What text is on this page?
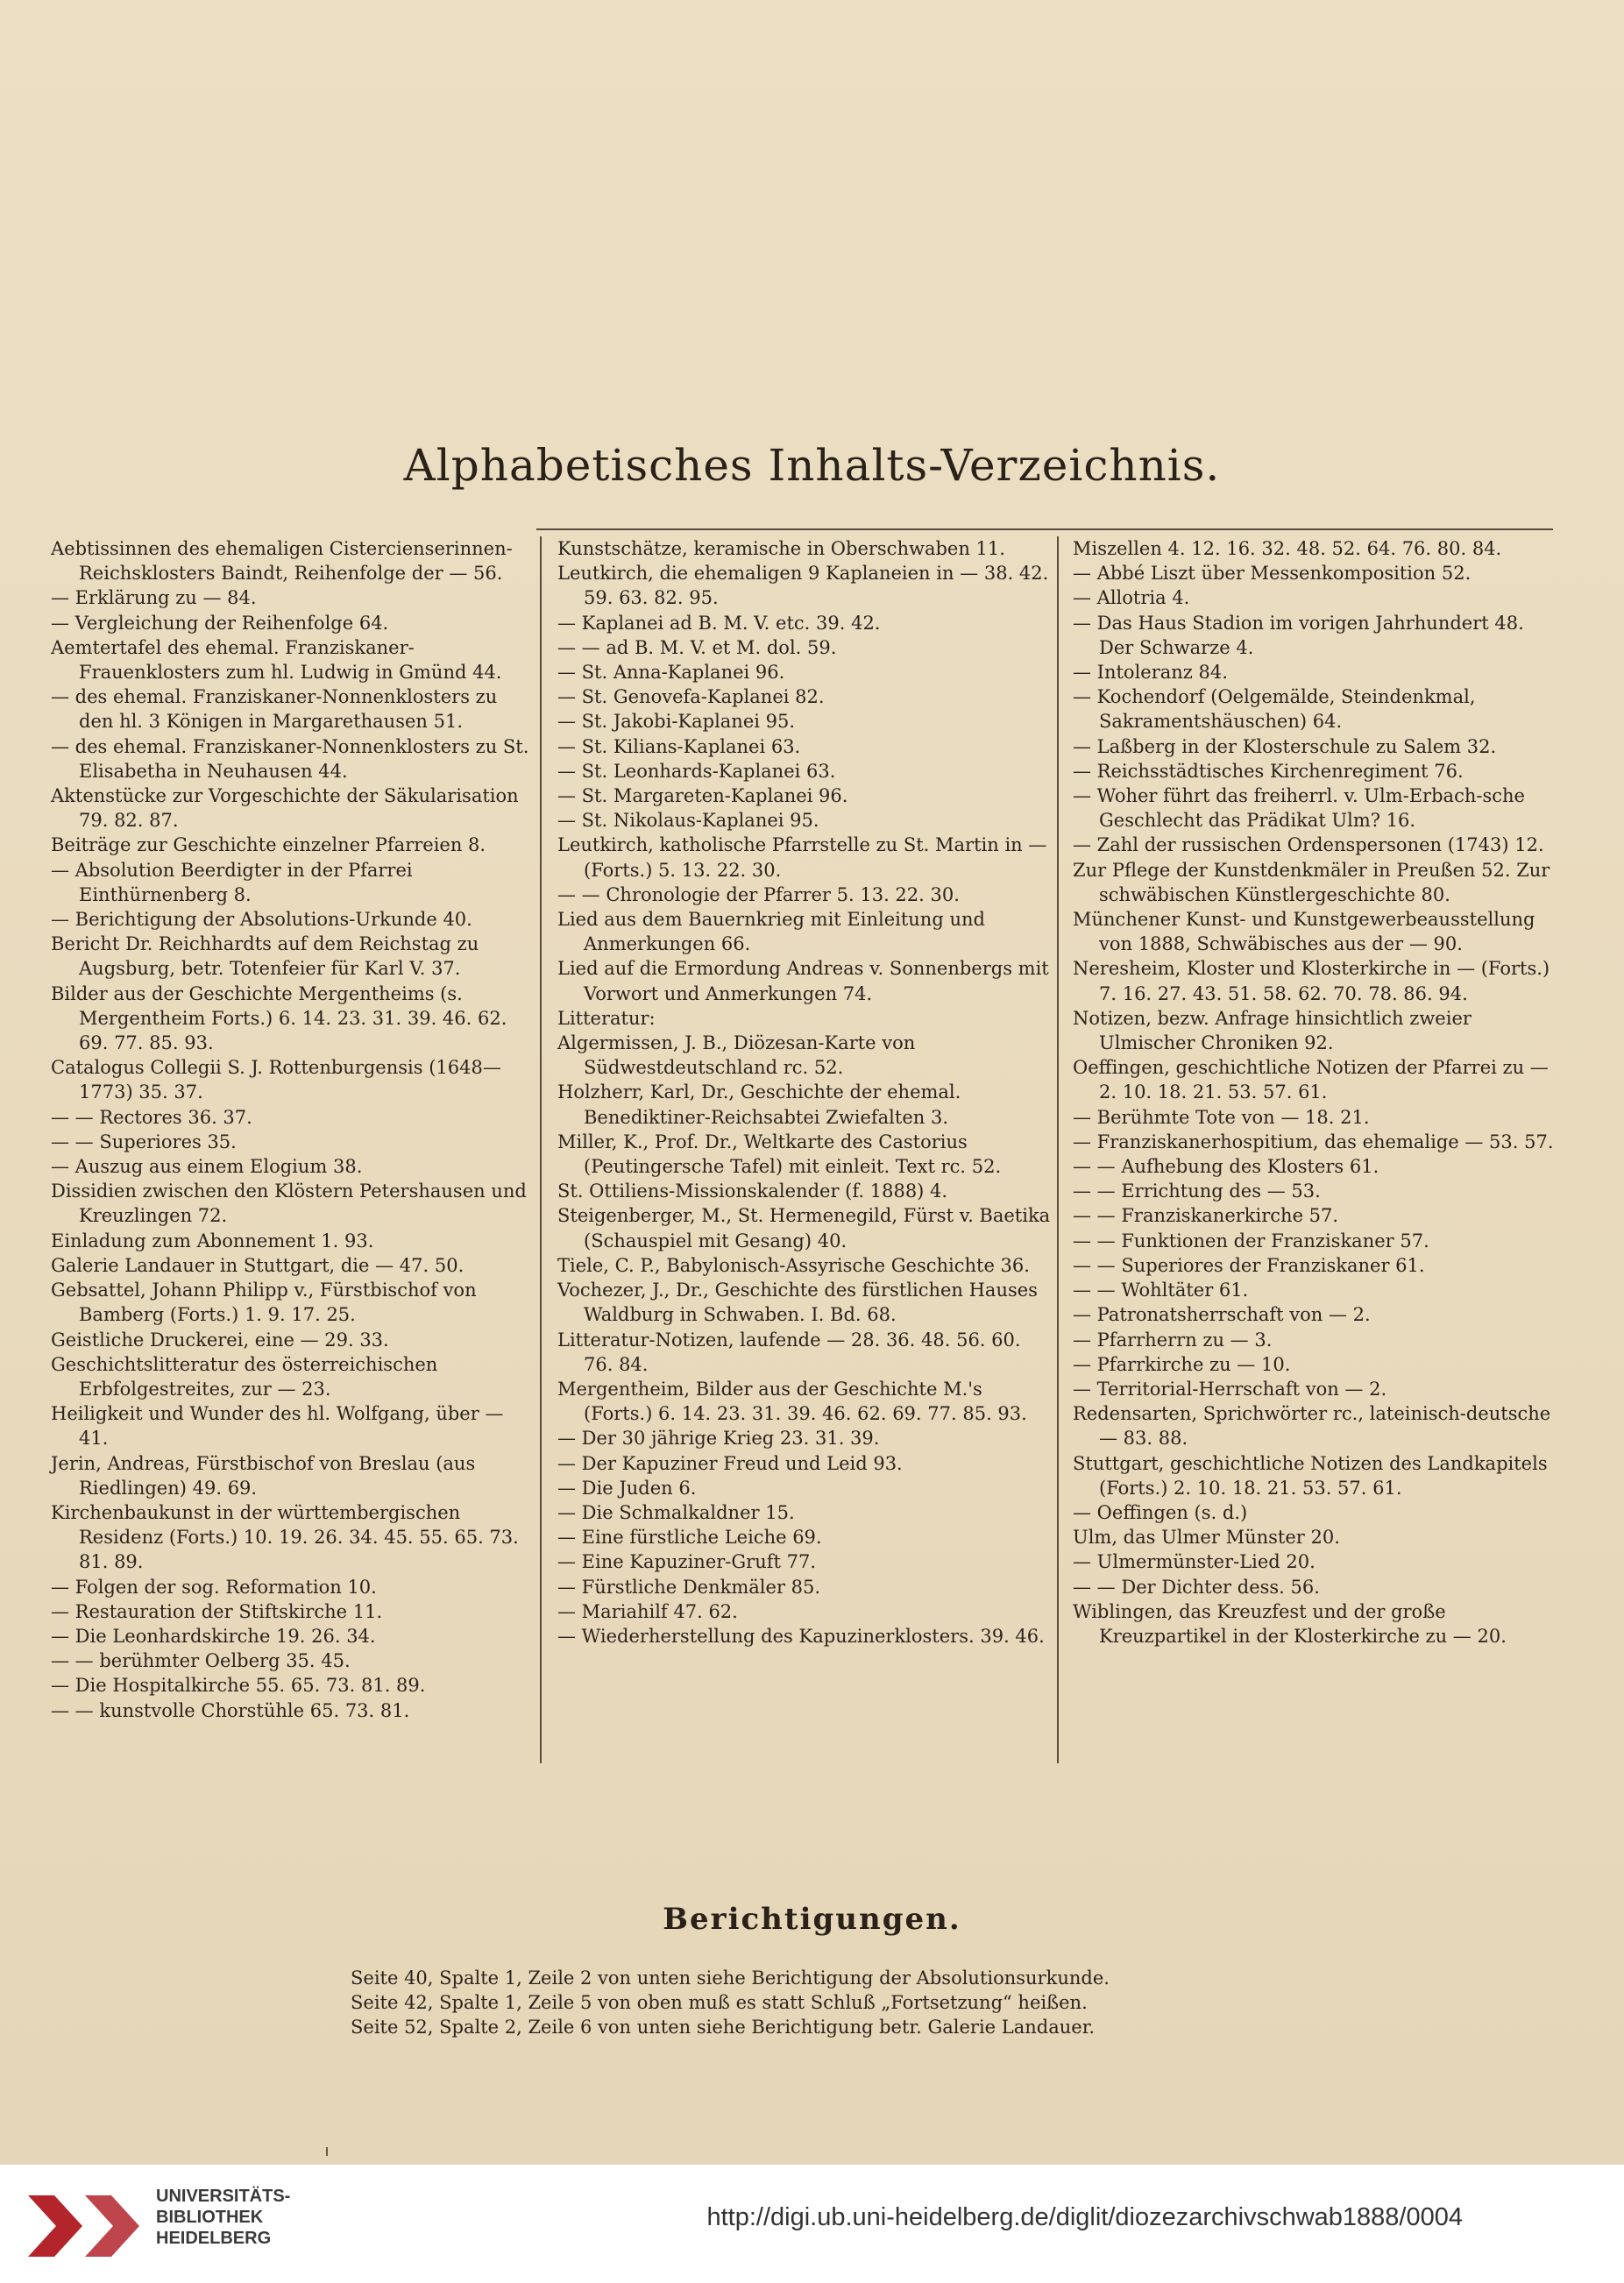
Alphabetisches Inhalts-Verzeichnis.
Aebtissinnen des ehemaligen Cistercienserinnen-Reichsklosters Baindt, Reihenfolge der — 56.
— Erklärung zu — 84.
— Vergleichung der Reihenfolge 64.
Aemtertafel des ehemal. Franziskaner-Frauenklosters zum hl. Ludwig in Gmünd 44.
— des ehemal. Franziskaner-Nonnenklosters zu den hl. 3 Königen in Margarethausen 51.
— des ehemal. Franziskaner-Nonnenklosters zu St. Elisabetha in Neuhausen 44.
Aktenstücke zur Vorgeschichte der Säkularisation 79. 82. 87.
Beiträge zur Geschichte einzelner Pfarreien 8.
— Absolution Beerdigter in der Pfarrei Einthürnenberg 8.
— Berichtigung der Absolutions-Urkunde 40.
Bericht Dr. Reichhardts auf dem Reichstag zu Augsburg, betr. Totenfeier für Karl V. 37.
Bilder aus der Geschichte Mergentheims (s. Mergentheim Forts.) 6. 14. 23. 31. 39. 46. 62. 69. 77. 85. 93.
Catalogus Collegii S. J. Rottenburgensis (1648—1773) 35. 37.
— — Rectores 36. 37.
— — Superiores 35.
— Auszug aus einem Elogium 38.
Dissidien zwischen den Klöstern Petershausen und Kreuzlingen 72.
Einladung zum Abonnement 1. 93.
Galerie Landauer in Stuttgart, die — 47. 50.
Gebsattel, Johann Philipp v., Fürstbischof von Bamberg (Forts.) 1. 9. 17. 25.
Geistliche Druckerei, eine — 29. 33.
Geschichtslitteratur des österreichischen Erbfolgestreites, zur — 23.
Heiligkeit und Wunder des hl. Wolfgang, über — 41.
Jerin, Andreas, Fürstbischof von Breslau (aus Riedlingen) 49. 69.
Kirchenbaukunst in der württembergischen Residenz (Forts.) 10. 19. 26. 34. 45. 55. 65. 73. 81. 89.
— Folgen der sog. Reformation 10.
— Restauration der Stiftskirche 11.
— Die Leonhardskirche 19. 26. 34.
— — berühmter Oelberg 35. 45.
— Die Hospitalkirche 55. 65. 73. 81. 89.
— — kunstvolle Chorstühle 65. 73. 81.
Kunstschätze, keramische in Oberschwaben 11.
Leutkirch, die ehemaligen 9 Kaplaneien in — 38. 42. 59. 63. 82. 95.
— Kaplanei ad B. M. V. etc. 39. 42.
— — ad B. M. V. et M. dol. 59.
— St. Anna-Kaplanei 96.
— St. Genovefa-Kaplanei 82.
— St. Jakobi-Kaplanei 95.
— St. Kilians-Kaplanei 63.
— St. Leonhards-Kaplanei 63.
— St. Margareten-Kaplanei 96.
— St. Nikolaus-Kaplanei 95.
Leutkirch, katholische Pfarrstelle zu St. Martin in — (Forts.) 5. 13. 22. 30.
— — Chronologie der Pfarrer 5. 13. 22. 30.
Lied aus dem Bauernkrieg mit Einleitung und Anmerkungen 66.
Lied auf die Ermordung Andreas v. Sonnenbergs mit Vorwort und Anmerkungen 74.
Litteratur:
Algermissen, J. B., Diözesan-Karte von Südwestdeutschland rc. 52.
Holzherr, Karl, Dr., Geschichte der ehemal. Benediktiner-Reichsabtei Zwiefalten 3.
Miller, K., Prof. Dr., Weltkarte des Castorius (Peutingersche Tafel) mit einleit. Text rc. 52.
St. Ottiliens-Missionskalender (f. 1888) 4.
Steigenberger, M., St. Hermenegild, Fürst v. Baetika (Schauspiel mit Gesang) 40.
Tiele, C. P., Babylonisch-Assyrische Geschichte 36.
Vochezer, J., Dr., Geschichte des fürstlichen Hauses Waldburg in Schwaben. I. Bd. 68.
Litteratur-Notizen, laufende — 28. 36. 48. 56. 60. 76. 84.
Mergentheim, Bilder aus der Geschichte M.'s (Forts.) 6. 14. 23. 31. 39. 46. 62. 69. 77. 85. 93.
— Der 30 jährige Krieg 23. 31. 39.
— Der Kapuziner Freud und Leid 93.
— Die Juden 6.
— Die Schmalkaldner 15.
— Eine fürstliche Leiche 69.
— Eine Kapuziner-Gruft 77.
— Fürstliche Denkmäler 85.
— Mariahilf 47. 62.
— Wiederherstellung des Kapuzinerklosters. 39. 46.
Miszellen 4. 12. 16. 32. 48. 52. 64. 76. 80. 84.
— Abbé Liszt über Messenkomposition 52.
— Allotria 4.
— Das Haus Stadion im vorigen Jahrhundert 48. Der Schwarze 4.
— Intoleranz 84.
— Kochendorf (Oelgemälde, Steindenkmal, Sakramentshäuschen) 64.
— Laßberg in der Klosterschule zu Salem 32.
— Reichsstädtisches Kirchenregiment 76.
— Woher führt das freiherrl. v. Ulm-Erbach-sche Geschlecht das Prädikat Ulm? 16.
— Zahl der russischen Ordenspersonen (1743) 12.
Zur Pflege der Kunstdenkmäler in Preußen 52. Zur schwäbischen Künstlergeschichte 80.
Münchener Kunst- und Kunstgewerbeausstellung von 1888, Schwäbisches aus der — 90.
Neresheim, Kloster und Klosterkirche in — (Forts.) 7. 16. 27. 43. 51. 58. 62. 70. 78. 86. 94.
Notizen, bezw. Anfrage hinsichtlich zweier Ulmischer Chroniken 92.
Oeffingen, geschichtliche Notizen der Pfarrei zu — 2. 10. 18. 21. 53. 57. 61.
— Berühmte Tote von — 18. 21.
— Franziskanerhospitium, das ehemalige — 53. 57.
— — Aufhebung des Klosters 61.
— — Errichtung des — 53.
— — Franziskanerkirche 57.
— — Funktionen der Franziskaner 57.
— — Superiores der Franziskaner 61.
— — Wohltäter 61.
— Patronatsherrschaft von — 2.
— Pfarrherrn zu — 3.
— Pfarrkirche zu — 10.
— Territorial-Herrschaft von — 2.
Redensarten, Sprichwörter rc., lateinisch-deutsche — 83. 88.
Stuttgart, geschichtliche Notizen des Landkapitels (Forts.) 2. 10. 18. 21. 53. 57. 61.
— Oeffingen (s. d.)
Ulm, das Ulmer Münster 20.
— Ulmermünster-Lied 20.
— — Der Dichter dess. 56.
Wiblingen, das Kreuzfest und der große Kreuzpartikel in der Klosterkirche zu — 20.
Berichtigungen.
Seite 40, Spalte 1, Zeile 2 von unten siehe Berichtigung der Absolutionsurkunde.
Seite 42, Spalte 1, Zeile 5 von oben muß es statt Schluß „Fortsetzung“ heißen.
Seite 52, Spalte 2, Zeile 6 von unten siehe Berichtigung betr. Galerie Landauer.
UNIVERSITÄTS-
BIBLIOTHEK
HEIDELBERG
http://digi.ub.uni-heidelberg.de/diglit/diozezarchivschwab1888/0004
